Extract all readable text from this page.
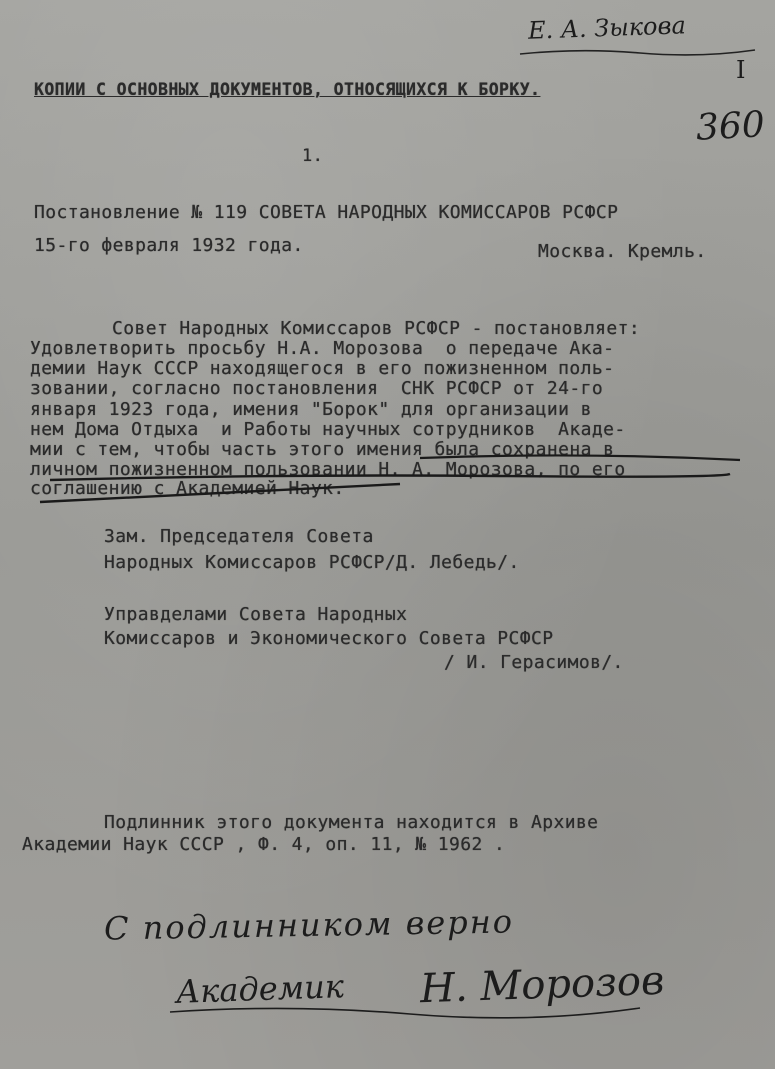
Е. А. Зыкова
I
КОПИИ С ОСНОВНЫХ ДОКУМЕНТОВ, ОТНОСЯЩИХСЯ К БОРКУ.
360
1.
Постановление № 119 СОВЕТА НАРОДНЫХ КОМИССАРОВ РСФСР
15-го февраля 1932 года.	Москва. Кремль.
Совет Народных Комиссаров РСФСР - постановляет:
Удовлетворить просьбу Н.А. Морозова  о передаче Ака-
демии Наук СССР находящегося в его пожизненном поль-
зовании, согласно постановления  СНК РСФСР от 24-го
января 1923 года, имения "Борок" для организации в
нем Дома Отдыха  и Работы научных сотрудников  Акаде-
мии с тем, чтобы часть этого имения была сохранена в
личном пожизненном пользовании Н. А. Морозова, по его
соглашению с Академией Наук.
Зам. Председателя Совета
Народных Комиссаров РСФСР/Д. Лебедь/.
Управделами Совета Народных
Комиссаров и Экономического Совета РСФСР
/ И. Герасимов/.
Подлинник этого документа находится в Архиве
Академии Наук СССР , Ф. 4, оп. 11, № 1962 .
С подлинником верно
Академик Н. Морозов
